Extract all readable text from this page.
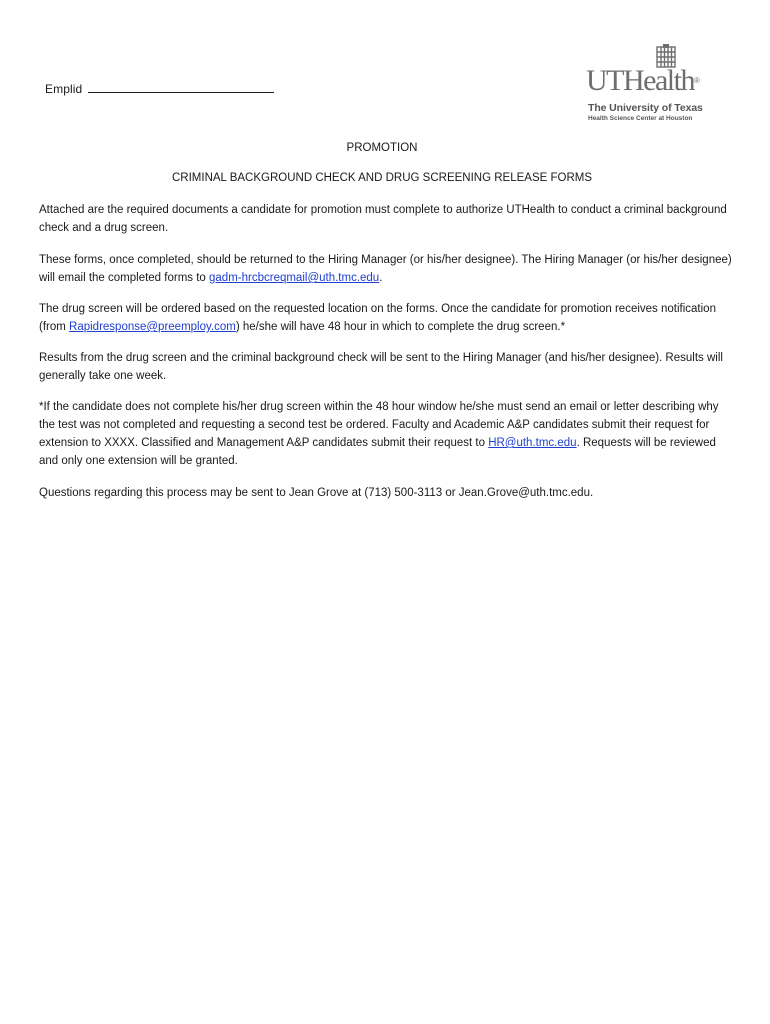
Emplid	UTHealth®
The University of Texas
Health Science Center at Houston
PROMOTION
CRIMINAL BACKGROUND CHECK AND DRUG SCREENING RELEASE FORMS

Attached are the required documents a candidate for promotion must complete to authorize UTHealth to conduct a criminal background check and a drug screen.

These forms, once completed, should be returned to the Hiring Manager (or his/her designee). The Hiring Manager (or his/her designee) will email the completed forms to gadm-hrcbcreqmail@uth.tmc.edu.

The drug screen will be ordered based on the requested location on the forms. Once the candidate for promotion receives notification (from Rapidresponse@preemploy.com) he/she will have 48 hour in which to complete the drug screen.*

Results from the drug screen and the criminal background check will be sent to the Hiring Manager (and his/her designee). Results will generally take one week.

*If the candidate does not complete his/her drug screen within the 48 hour window he/she must send an email or letter describing why the test was not completed and requesting a second test be ordered. Faculty and Academic A&P candidates submit their request for extension to XXXX. Classified and Management A&P candidates submit their request to HR@uth.tmc.edu. Requests will be reviewed and only one extension will be granted.

Questions regarding this process may be sent to Jean Grove at (713) 500-3113 or Jean.Grove@uth.tmc.edu.
